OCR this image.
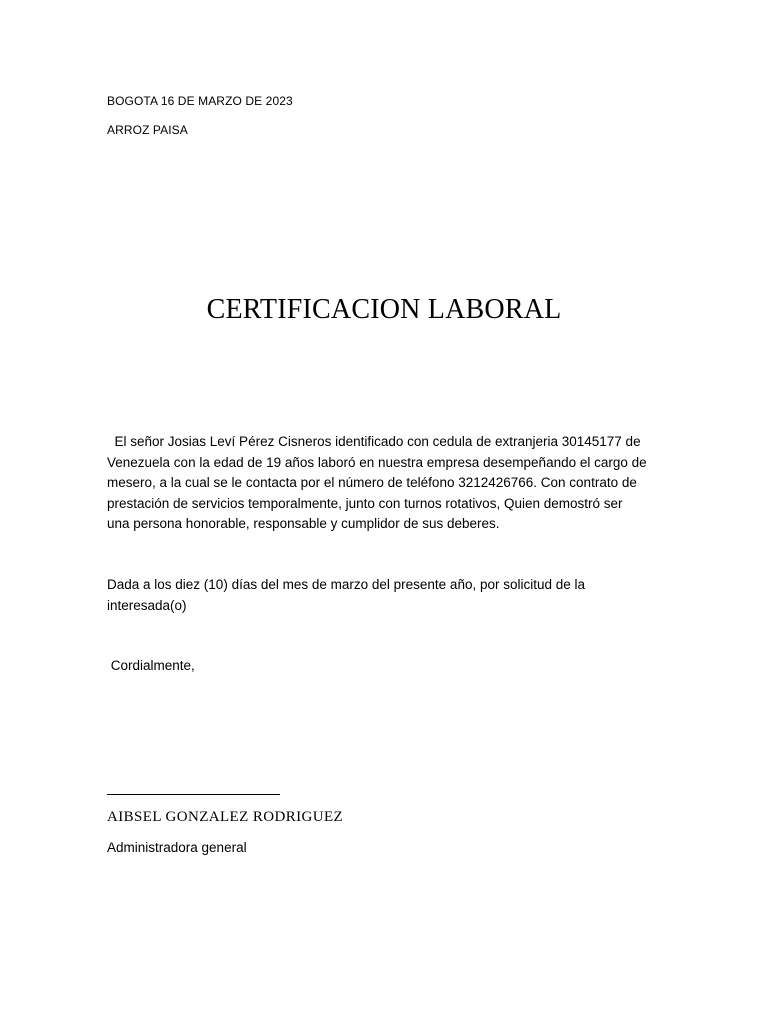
BOGOTA 16 DE MARZO DE 2023
ARROZ PAISA
CERTIFICACION LABORAL
El señor Josias Leví Pérez Cisneros identificado con cedula de extranjeria 30145177 de
Venezuela con la edad de 19 años laboró en nuestra empresa desempeñando el cargo de
mesero, a la cual se le contacta por el número de teléfono 3212426766. Con contrato de
prestación de servicios temporalmente, junto con turnos rotativos, Quien demostró ser
una persona honorable, responsable y cumplidor de sus deberes.
Dada a los diez (10) días del mes de marzo del presente año, por solicitud de la
interesada(o)
Cordialmente,
AIBSEL GONZALEZ RODRIGUEZ
Administradora general
